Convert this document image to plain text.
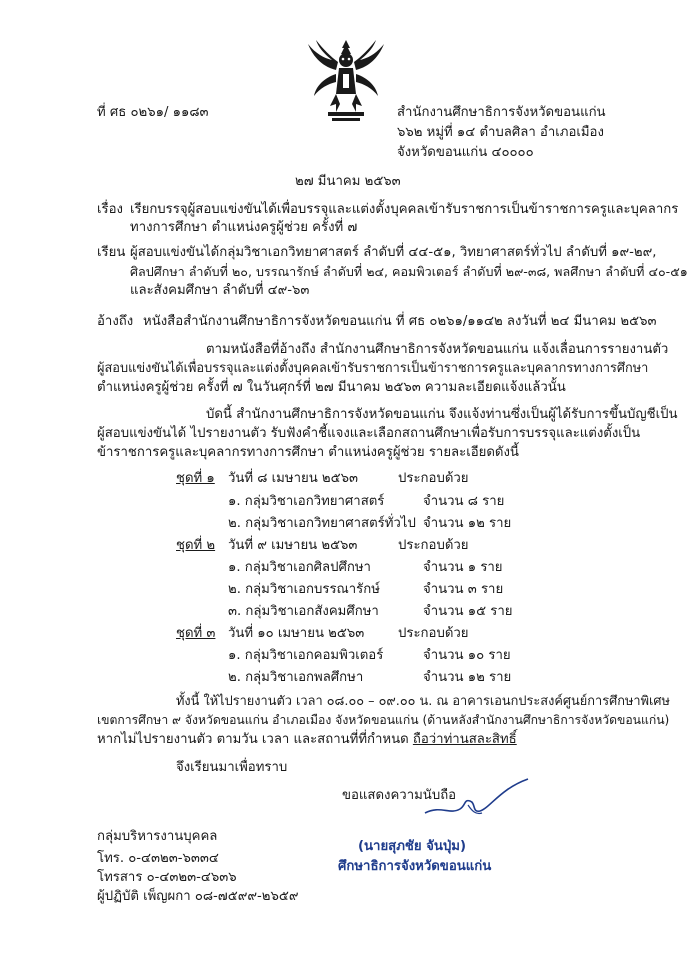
ที่ ศธ ๐๒๖๑/ ๑๑๘๓	สำนักงานศึกษาธิการจังหวัดขอนแก่น
๖๖๒ หมู่ที่ ๑๔ ตำบลศิลา อำเภอเมือง
จังหวัดขอนแก่น ๔๐๐๐๐
๒๗ มีนาคม ๒๕๖๓
เรื่อง เรียกบรรจุผู้สอบแข่งขันได้เพื่อบรรจุและแต่งตั้งบุคคลเข้ารับราชการเป็นข้าราชการครูและบุคลากร
ทางการศึกษา ตำแหน่งครูผู้ช่วย ครั้งที่ ๗
เรียน ผู้สอบแข่งขันได้กลุ่มวิชาเอกวิทยาศาสตร์ ลำดับที่ ๔๔-๕๑, วิทยาศาสตร์ทั่วไป ลำดับที่ ๑๙-๒๙,
ศิลปศึกษา ลำดับที่ ๒๐, บรรณารักษ์ ลำดับที่ ๒๔, คอมพิวเตอร์ ลำดับที่ ๒๙-๓๘, พลศึกษา ลำดับที่ ๔๐-๕๑
และสังคมศึกษา ลำดับที่ ๔๙-๖๓
อ้างถึง หนังสือสำนักงานศึกษาธิการจังหวัดขอนแก่น ที่ ศธ ๐๒๖๑/๑๑๔๒ ลงวันที่ ๒๔ มีนาคม ๒๕๖๓
ตามหนังสือที่อ้างถึง สำนักงานศึกษาธิการจังหวัดขอนแก่น แจ้งเลื่อนการรายงานตัว
ผู้สอบแข่งขันได้เพื่อบรรจุและแต่งตั้งบุคคลเข้ารับราชการเป็นข้าราชการครูและบุคลากรทางการศึกษา
ตำแหน่งครูผู้ช่วย ครั้งที่ ๗ ในวันศุกร์ที่ ๒๗ มีนาคม ๒๕๖๓ ความละเอียดแจ้งแล้วนั้น
บัดนี้ สำนักงานศึกษาธิการจังหวัดขอนแก่น จึงแจ้งท่านซึ่งเป็นผู้ได้รับการขึ้นบัญชีเป็น
ผู้สอบแข่งขันได้ ไปรายงานตัว รับฟังคำชี้แจงและเลือกสถานศึกษาเพื่อรับการบรรจุและแต่งตั้งเป็น
ข้าราชการครูและบุคลากรทางการศึกษา ตำแหน่งครูผู้ช่วย รายละเอียดดังนี้
ชุดที่ ๑ วันที่ ๘ เมษายน ๒๕๖๓	ประกอบด้วย
๑. กลุ่มวิชาเอกวิทยาศาสตร์	จำนวน ๘ ราย
๒. กลุ่มวิชาเอกวิทยาศาสตร์ทั่วไป จำนวน ๑๒ ราย
ชุดที่ ๒ วันที่ ๙ เมษายน ๒๕๖๓	ประกอบด้วย
๑. กลุ่มวิชาเอกศิลปศึกษา	จำนวน ๑ ราย
๒. กลุ่มวิชาเอกบรรณารักษ์	จำนวน ๓ ราย
๓. กลุ่มวิชาเอกสังคมศึกษา	จำนวน ๑๕ ราย
ชุดที่ ๓ วันที่ ๑๐ เมษายน ๒๕๖๓	ประกอบด้วย
๑. กลุ่มวิชาเอกคอมพิวเตอร์	จำนวน ๑๐ ราย
๒. กลุ่มวิชาเอกพลศึกษา	จำนวน ๑๒ ราย
ทั้งนี้ ให้ไปรายงานตัว เวลา ๐๘.๐๐ – ๐๙.๐๐ น. ณ อาคารเอนกประสงค์ศูนย์การศึกษาพิเศษ
เขตการศึกษา ๙ จังหวัดขอนแก่น อำเภอเมือง จังหวัดขอนแก่น (ด้านหลังสำนักงานศึกษาธิการจังหวัดขอนแก่น)
หากไม่ไปรายงานตัว ตามวัน เวลา และสถานที่ที่กำหนด ถือว่าท่านสละสิทธิ์
จึงเรียนมาเพื่อทราบ
ขอแสดงความนับถือ
(นายสุภชัย จันปุ่ม)
ศึกษาธิการจังหวัดขอนแก่น
กลุ่มบริหารงานบุคคล
โทร. ๐-๔๓๒๓-๖๓๓๔
โทรสาร ๐-๔๓๒๓-๔๖๓๖
ผู้ปฏิบัติ เพ็ญผกา ๐๘-๗๕๙๙-๒๖๕๙
